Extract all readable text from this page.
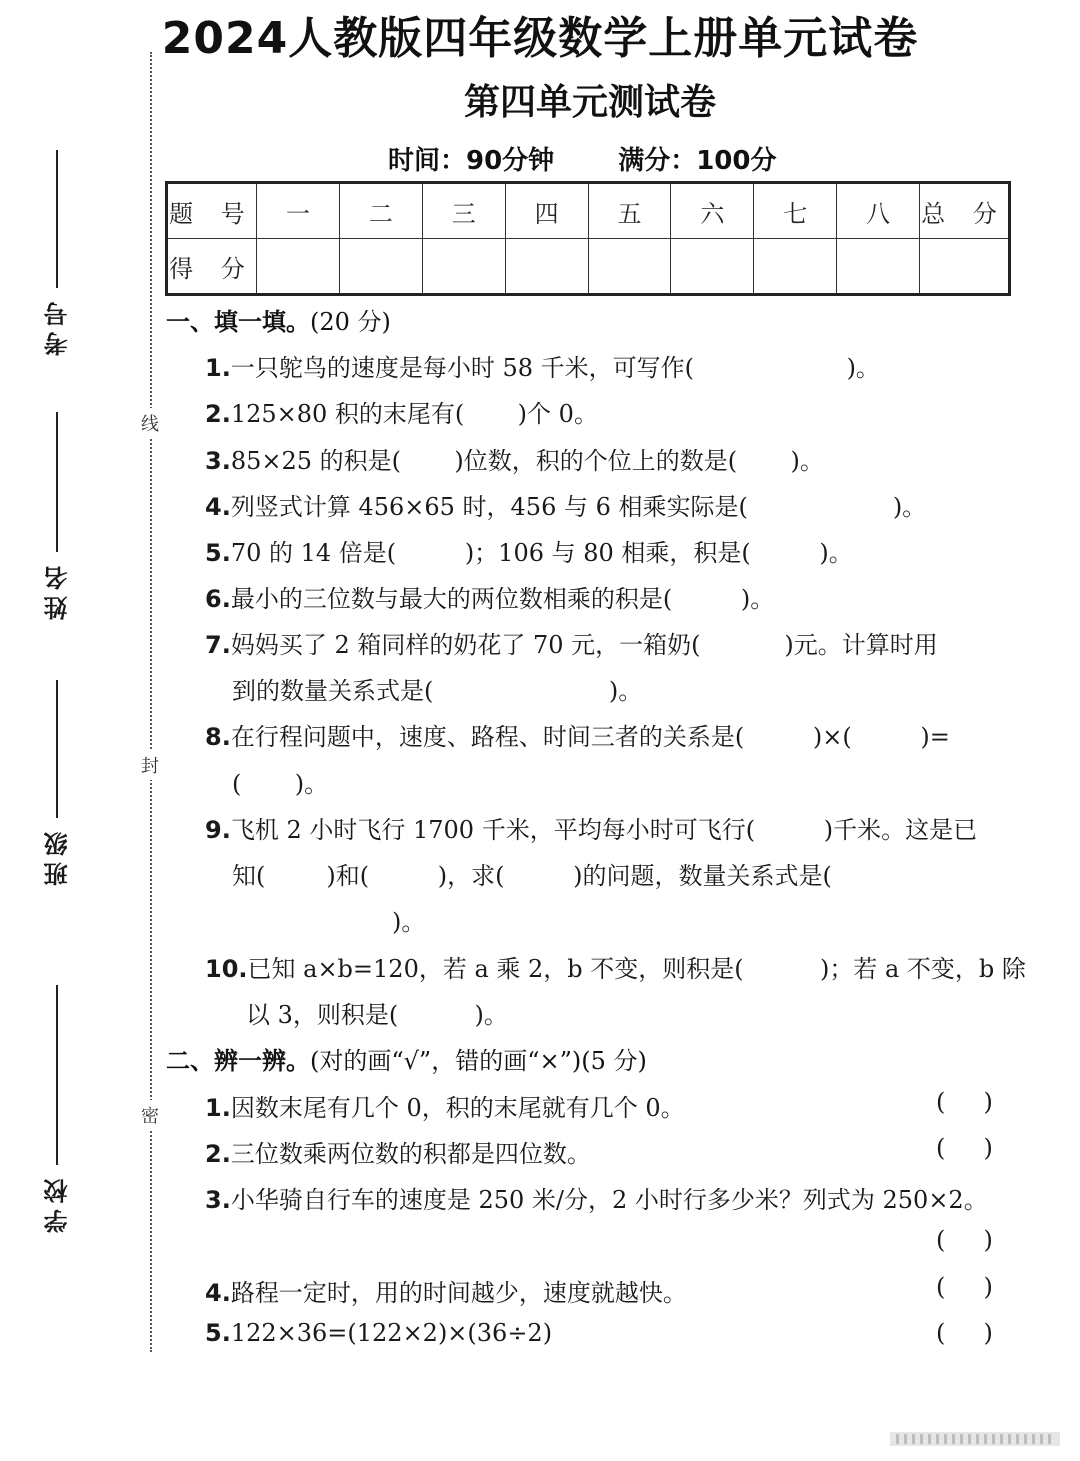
2024人教版四年级数学上册单元试卷
第四单元测试卷
时间：90分钟 满分：100分
线
封
密
考号
姓名
班级
学校
题 号	一	二	三	四	五	六	七	八	总 分
得 分									
一、填一填。(20 分)
1.一只鸵鸟的速度是每小时 58 千米，可写作(                    )。
2.125×80 积的末尾有(       )个 0。
3.85×25 的积是(       )位数，积的个位上的数是(       )。
4.列竖式计算 456×65 时，456 与 6 相乘实际是(                   )。
5.70 的 14 倍是(         )；106 与 80 相乘，积是(         )。
6.最小的三位数与最大的两位数相乘的积是(         )。
7.妈妈买了 2 箱同样的奶花了 70 元，一箱奶(           )元。计算时用
到的数量关系式是(                       )。
8.在行程问题中，速度、路程、时间三者的关系是(         )×(         )=
(       )。
9.飞机 2 小时飞行 1700 千米，平均每小时可飞行(         )千米。这是已
知(        )和(         )，求(         )的问题，数量关系式是(
)。
10.已知 a×b=120，若 a 乘 2，b 不变，则积是(          )；若 a 不变，b 除
以 3，则积是(          )。
二、辨一辨。(对的画“√”，错的画“×”)(5 分)
1.因数末尾有几个 0，积的末尾就有几个 0。	(     )
2.三位数乘两位数的积都是四位数。	(     )
3.小华骑自行车的速度是 250 米/分，2 小时行多少米？列式为 250×2。
(     )
4.路程一定时，用的时间越少，速度就越快。	(     )
5.122×36=(122×2)×(36÷2)	(     )
